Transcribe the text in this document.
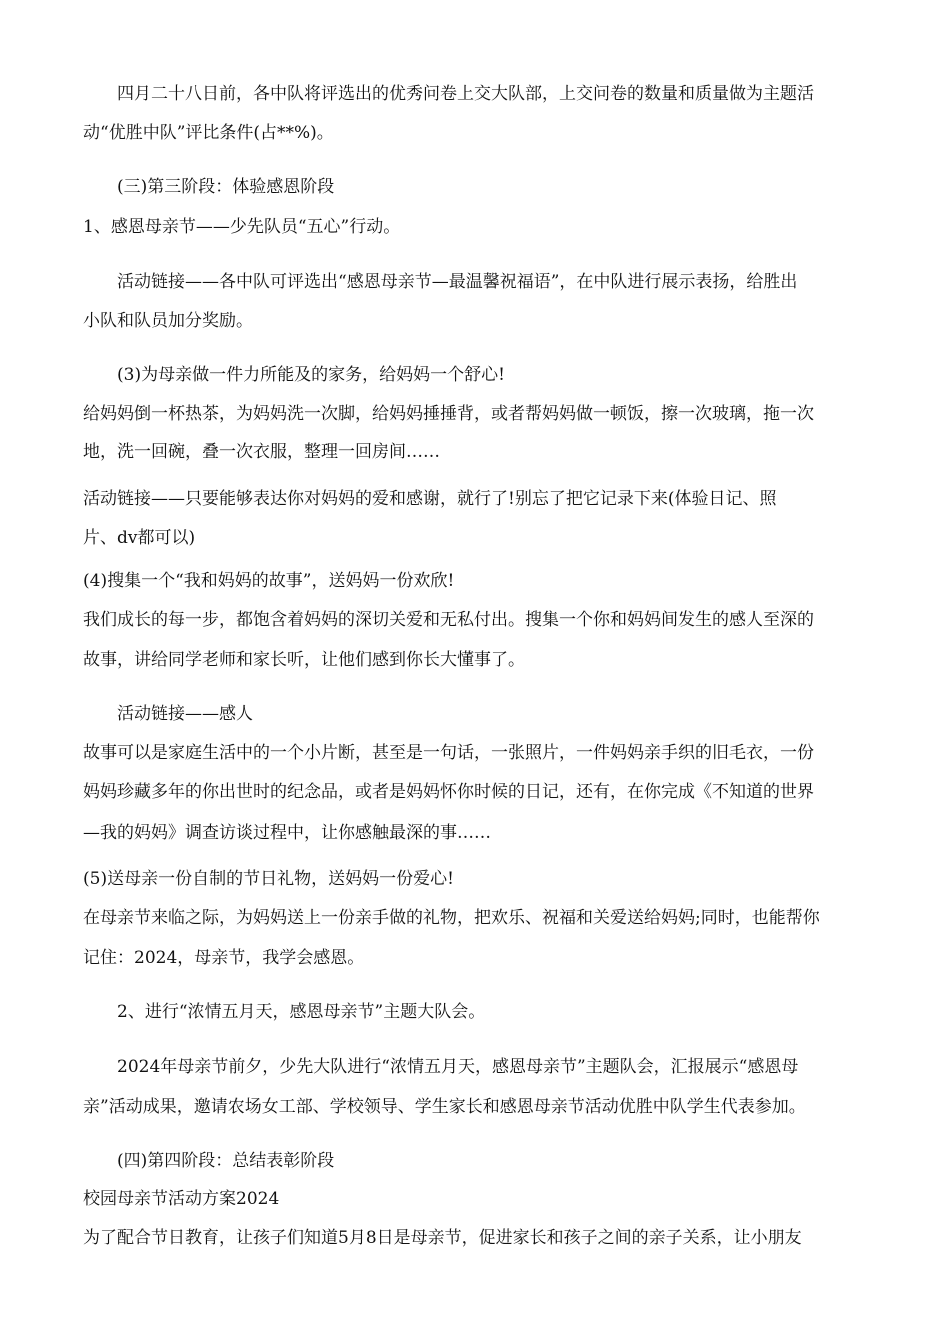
四月二十八日前，各中队将评选出的优秀问卷上交大队部，上交问卷的数量和质量做为主题活
动“优胜中队”评比条件(占**%)。
(三)第三阶段：体验感恩阶段
1、感恩母亲节——少先队员“五心”行动。
活动链接——各中队可评选出“感恩母亲节—最温馨祝福语”，在中队进行展示表扬，给胜出
小队和队员加分奖励。
(3)为母亲做一件力所能及的家务，给妈妈一个舒心!
给妈妈倒一杯热茶，为妈妈洗一次脚，给妈妈捶捶背，或者帮妈妈做一顿饭，擦一次玻璃，拖一次
地，洗一回碗，叠一次衣服，整理一回房间……
活动链接——只要能够表达你对妈妈的爱和感谢，就行了!别忘了把它记录下来(体验日记、照
片、dv都可以)
(4)搜集一个“我和妈妈的故事”，送妈妈一份欢欣!
我们成长的每一步，都饱含着妈妈的深切关爱和无私付出。搜集一个你和妈妈间发生的感人至深的
故事，讲给同学老师和家长听，让他们感到你长大懂事了。
活动链接——感人
故事可以是家庭生活中的一个小片断，甚至是一句话，一张照片，一件妈妈亲手织的旧毛衣，一份
妈妈珍藏多年的你出世时的纪念品，或者是妈妈怀你时候的日记，还有，在你完成《不知道的世界
—我的妈妈》调查访谈过程中，让你感触最深的事……
(5)送母亲一份自制的节日礼物，送妈妈一份爱心!
在母亲节来临之际，为妈妈送上一份亲手做的礼物，把欢乐、祝福和关爱送给妈妈;同时，也能帮你
记住：2024，母亲节，我学会感恩。
2、进行“浓情五月天，感恩母亲节”主题大队会。
2024年母亲节前夕，少先大队进行“浓情五月天，感恩母亲节”主题队会，汇报展示“感恩母
亲”活动成果，邀请农场女工部、学校领导、学生家长和感恩母亲节活动优胜中队学生代表参加。
(四)第四阶段：总结表彰阶段
校园母亲节活动方案2024
为了配合节日教育，让孩子们知道5月8日是母亲节，促进家长和孩子之间的亲子关系，让小朋友
